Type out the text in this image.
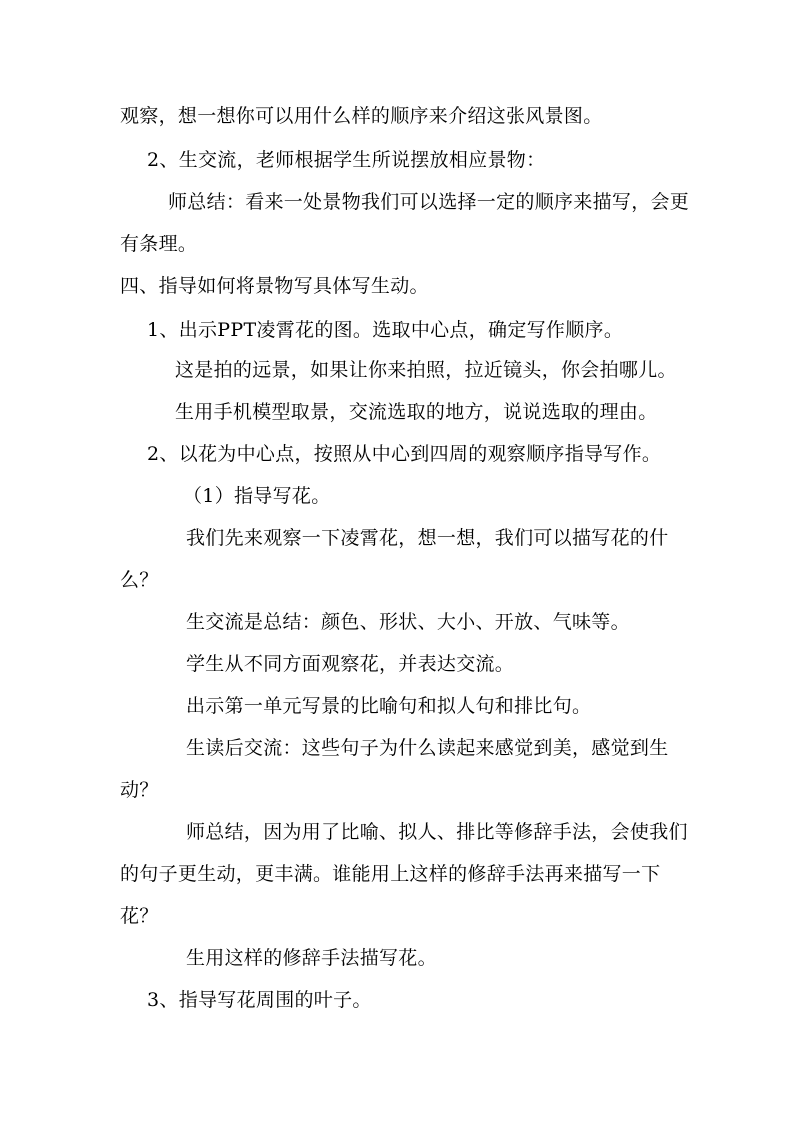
观察，想一想你可以用什么样的顺序来介绍这张风景图。
2、生交流，老师根据学生所说摆放相应景物：
师总结：看来一处景物我们可以选择一定的顺序来描写，会更
有条理。
四、指导如何将景物写具体写生动。
1、出示PPT凌霄花的图。选取中心点，确定写作顺序。
这是拍的远景，如果让你来拍照，拉近镜头，你会拍哪儿。
生用手机模型取景，交流选取的地方，说说选取的理由。
2、以花为中心点，按照从中心到四周的观察顺序指导写作。
（1）指导写花。
我们先来观察一下凌霄花，想一想，我们可以描写花的什
么？
生交流是总结：颜色、形状、大小、开放、气味等。
学生从不同方面观察花，并表达交流。
出示第一单元写景的比喻句和拟人句和排比句。
生读后交流：这些句子为什么读起来感觉到美，感觉到生
动？
师总结，因为用了比喻、拟人、排比等修辞手法，会使我们
的句子更生动，更丰满。谁能用上这样的修辞手法再来描写一下
花？
生用这样的修辞手法描写花。
3、指导写花周围的叶子。
